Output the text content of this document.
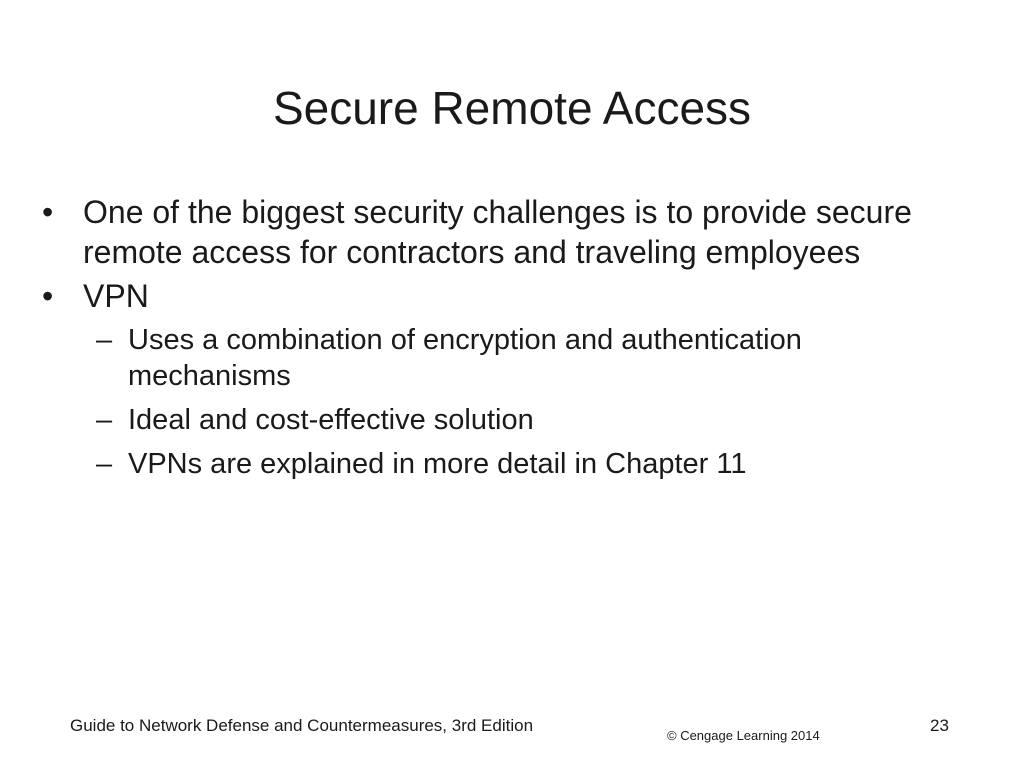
Secure Remote Access
• One of the biggest security challenges is to provide secure remote access for contractors and traveling employees
• VPN
– Uses a combination of encryption and authentication mechanisms
– Ideal and cost-effective solution
– VPNs are explained in more detail in Chapter 11
Guide to Network Defense and Countermeasures, 3rd Edition
© Cengage Learning 2014
23
